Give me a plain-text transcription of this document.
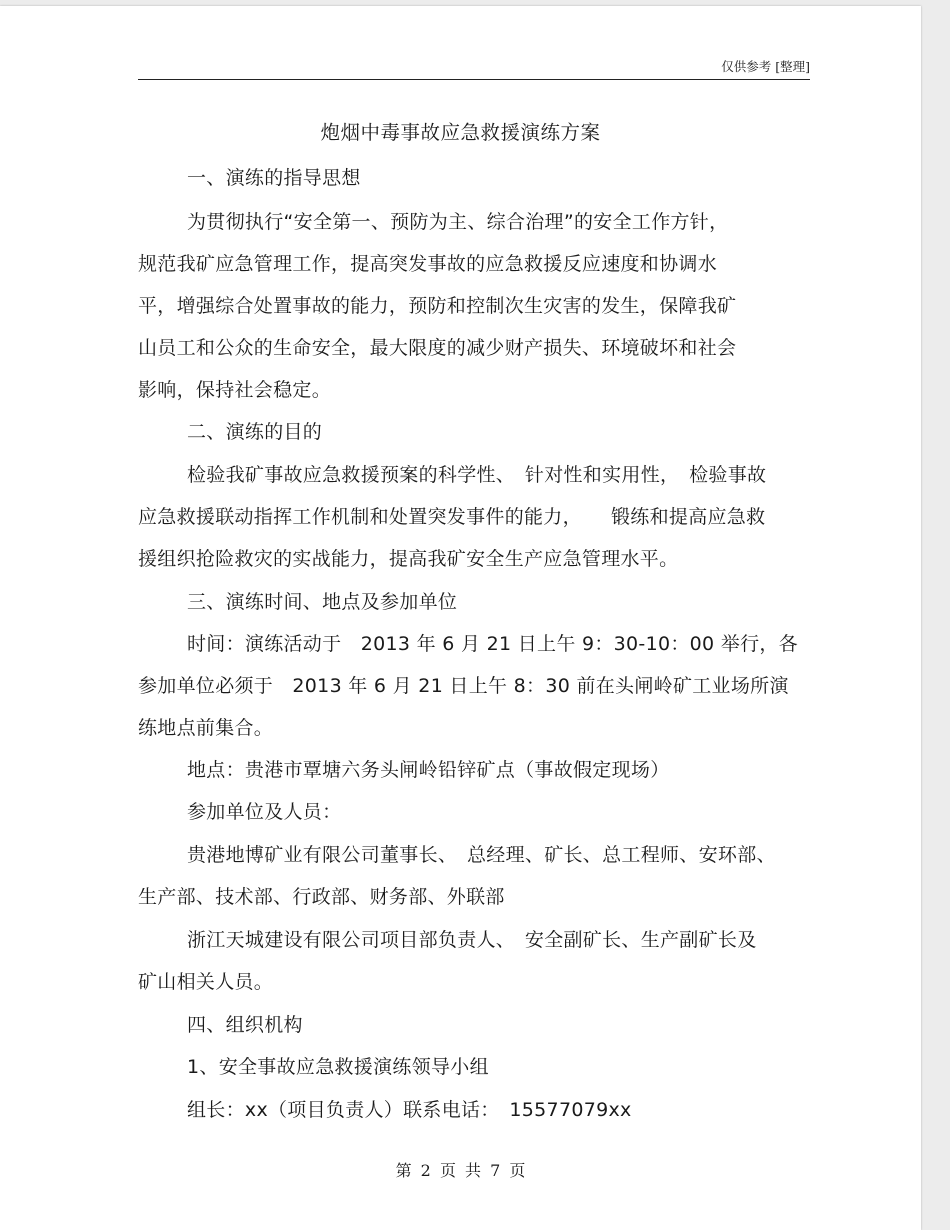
仅供参考 [整理]
炮烟中毒事故应急救援演练方案
一、演练的指导思想
为贯彻执行“安全第一、预防为主、综合治理”的安全工作方针，
规范我矿应急管理工作，提高突发事故的应急救援反应速度和协调水
平，增强综合处置事故的能力，预防和控制次生灾害的发生，保障我矿
山员工和公众的生命安全，最大限度的减少财产损失、环境破坏和社会
影响，保持社会稳定。
二、演练的目的
检验我矿事故应急救援预案的科学性、　针对性和实用性，　检验事故
应急救援联动指挥工作机制和处置突发事件的能力，　　锻练和提高应急救
援组织抢险救灾的实战能力，提高我矿安全生产应急管理水平。
三、演练时间、地点及参加单位
时间：演练活动于　2013 年 6 月 21 日上午 9：30-10：00 举行，各
参加单位必须于　2013 年 6 月 21 日上午 8：30 前在头闸岭矿工业场所演
练地点前集合。
地点：贵港市覃塘六务头闸岭铅锌矿点（事故假定现场）
参加单位及人员：
贵港地博矿业有限公司董事长、　总经理、矿长、总工程师、安环部、
生产部、技术部、行政部、财务部、外联部
浙江天城建设有限公司项目部负责人、　安全副矿长、生产副矿长及
矿山相关人员。
四、组织机构
1、安全事故应急救援演练领导小组
组长：xx（项目负责人）联系电话：　15577079xx
第 2 页 共 7 页
